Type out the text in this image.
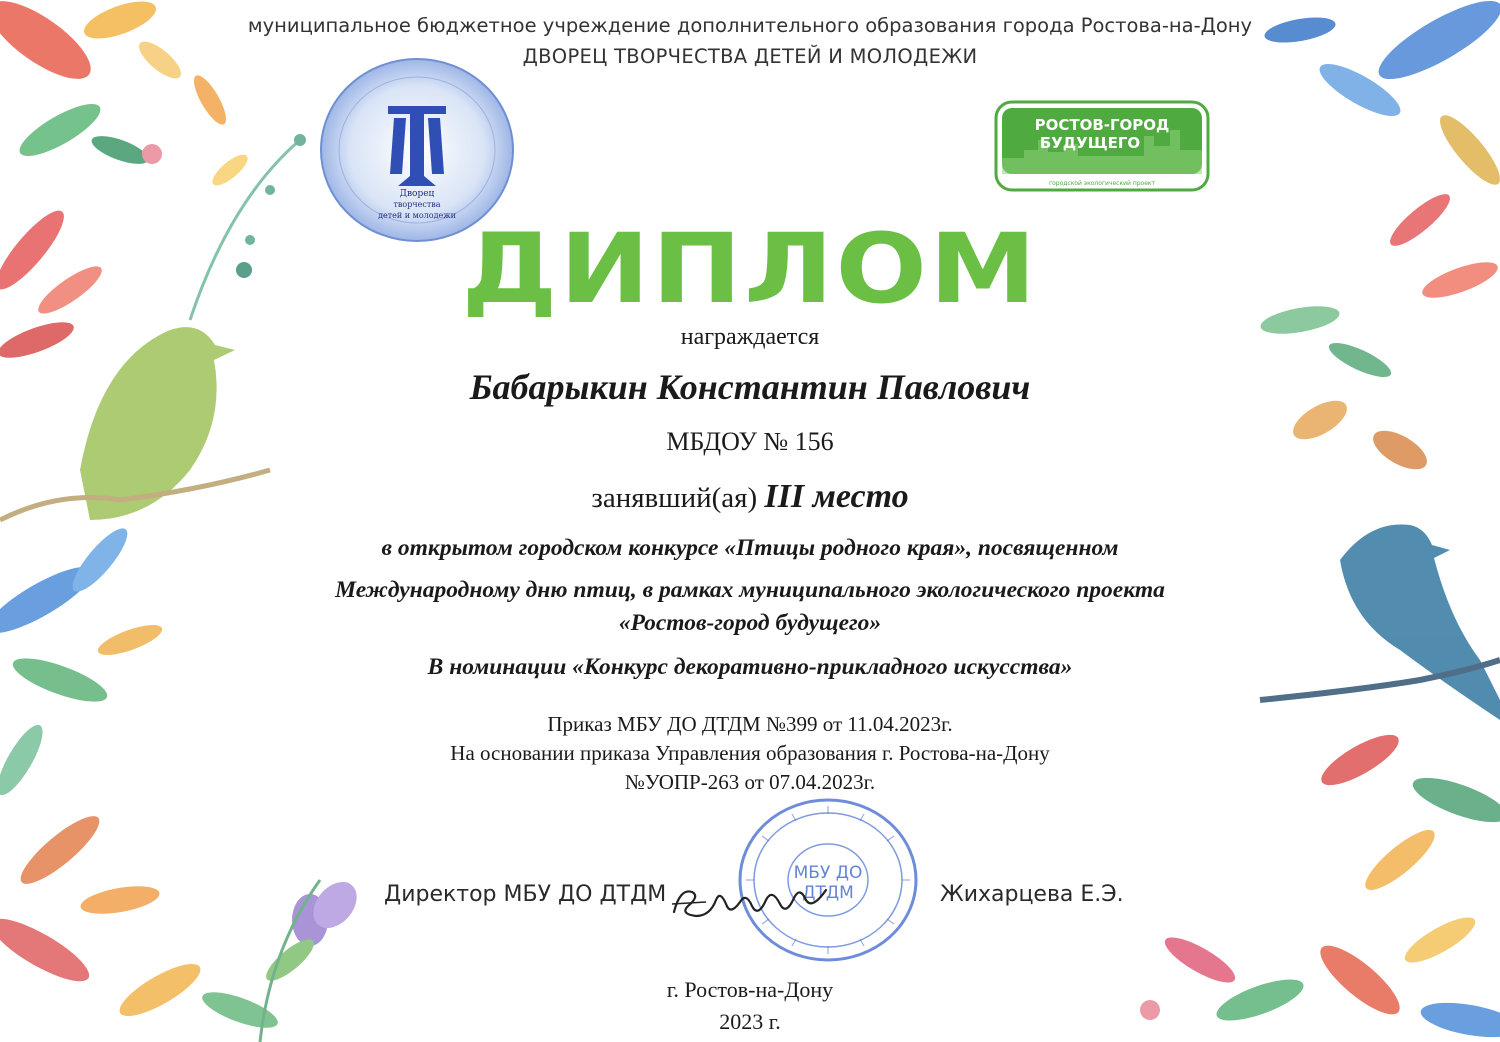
муниципальное бюджетное учреждение дополнительного образования города Ростова-на-Дону
ДВОРЕЦ ТВОРЧЕСТВА ДЕТЕЙ И МОЛОДЕЖИ
Дворец
творчества
детей и молодежи
РОСТОВ-ГОРОД
БУДУЩЕГО
городской экологический проект
ДИПЛОМ
награждается
Бабарыкин Константин Павлович
МБДОУ № 156
занявший(ая) III место
в открытом городском конкурсе «Птицы родного края», посвященном
Международному дню птиц, в рамках муниципального экологического проекта
«Ростов-город будущего»
В номинации «Конкурс декоративно-прикладного искусства»
Приказ МБУ ДО ДТДМ №399 от 11.04.2023г.
На основании приказа Управления образования г. Ростова-на-Дону
№УОПР-263 от 07.04.2023г.
МБУ ДО
ДТДМ
Директор МБУ ДО ДТДМ	Жихарцева Е.Э.
г. Ростов-на-Дону
2023 г.
